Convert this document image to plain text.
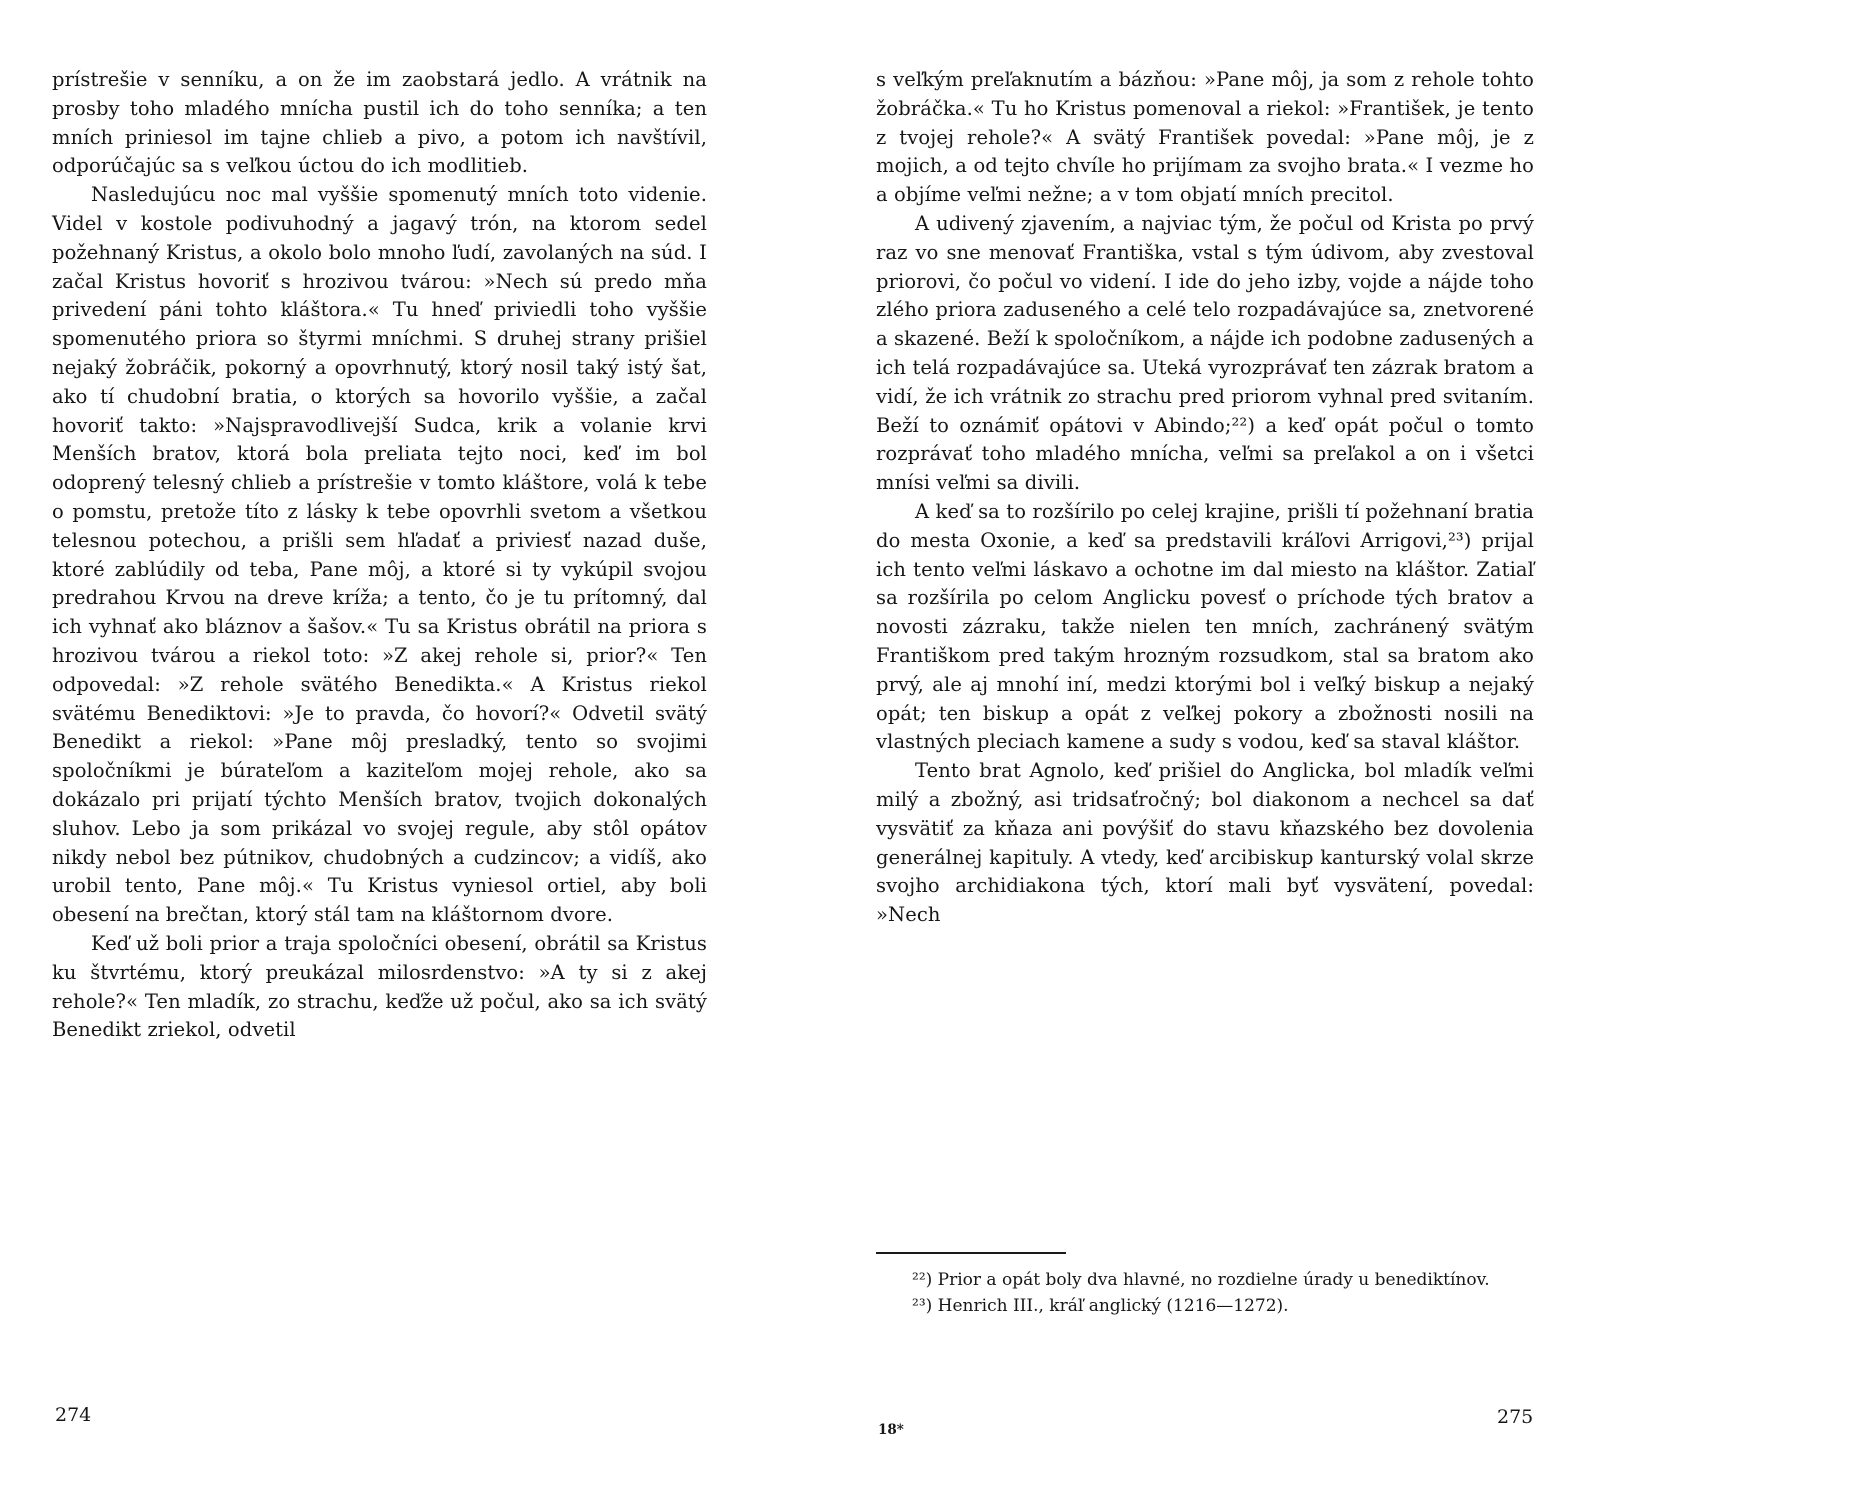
prístrešie v senníku, a on že im zaobstará jedlo. A vrátnik na prosby toho mladého mnícha pustil ich do toho senníka; a ten mních priniesol im tajne chlieb a pivo, a potom ich navštívil, odporúčajúc sa s veľkou úctou do ich modlitieb.

Nasledujúcu noc mal vyššie spomenutý mních toto videnie. Videl v kostole podivuhodný a jagavý trón, na ktorom sedel požehnaný Kristus, a okolo bolo mnoho ľudí, zavolaných na súd. I začal Kristus hovoriť s hrozivou tvárou: »Nech sú predo mňa privedení páni tohto kláštora.« Tu hneď priviedli toho vyššie spomenutého priora so štyrmi mníchmi. S druhej strany prišiel nejaký žobráčik, pokorný a opovrhnutý, ktorý nosil taký istý šat, ako tí chudobní bratia, o ktorých sa hovorilo vyššie, a začal hovoriť takto: »Najspravodlivejší Sudca, krik a volanie krvi Menších bratov, ktorá bola preliata tejto noci, keď im bol odoprený telesný chlieb a prístrešie v tomto kláštore, volá k tebe o pomstu, pretože títo z lásky k tebe opovrhli svetom a všetkou telesnou potechou, a prišli sem hľadať a priviesť nazad duše, ktoré zablúdily od teba, Pane môj, a ktoré si ty vykúpil svojou predrahou Krvou na dreve kríža; a tento, čo je tu prítomný, dal ich vyhnať ako bláznov a šašov.« Tu sa Kristus obrátil na priora s hrozivou tvárou a riekol toto: »Z akej rehole si, prior?« Ten odpovedal: »Z rehole svätého Benedikta.« A Kristus riekol svätému Benediktovi: »Je to pravda, čo hovorí?« Odvetil svätý Benedikt a riekol: »Pane môj presladký, tento so svojimi spoločníkmi je búrateľom a kaziteľom mojej rehole, ako sa dokázalo pri prijatí týchto Menších bratov, tvojich dokonalých sluhov. Lebo ja som prikázal vo svojej regule, aby stôl opátov nikdy nebol bez pútnikov, chudobných a cudzincov; a vidíš, ako urobil tento, Pane môj.« Tu Kristus vyniesol ortiel, aby boli obesení na brečtan, ktorý stál tam na kláštornom dvore.

Keď už boli prior a traja spoločníci obesení, obrátil sa Kristus ku štvrtému, ktorý preukázal milosrdenstvo: »A ty si z akej rehole?« Ten mladík, zo strachu, keďže už počul, ako sa ich svätý Benedikt zriekol, odvetil

s veľkým preľaknutím a bázňou: »Pane môj, ja som z rehole tohto žobráčka.« Tu ho Kristus pomenoval a riekol: »František, je tento z tvojej rehole?« A svätý František povedal: »Pane môj, je z mojich, a od tejto chvíle ho prijímam za svojho brata.« I vezme ho a objíme veľmi nežne; a v tom objatí mních precitol.

A udivený zjavením, a najviac tým, že počul od Krista po prvý raz vo sne menovať Františka, vstal s tým údivom, aby zvestoval priorovi, čo počul vo videní. I ide do jeho izby, vojde a nájde toho zlého priora zaduseného a celé telo rozpadávajúce sa, znetvorené a skazené. Beží k spoločníkom, a nájde ich podobne zadusených a ich telá rozpadávajúce sa. Uteká vyrozprávať ten zázrak bratom a vidí, že ich vrátnik zo strachu pred priorom vyhnal pred svitaním. Beží to oznámiť opátovi v Abindo;²²) a keď opát počul o tomto rozprávať toho mladého mnícha, veľmi sa preľakol a on i všetci mnísi veľmi sa divili.

A keď sa to rozšírilo po celej krajine, prišli tí požehnaní bratia do mesta Oxonie, a keď sa predstavili kráľovi Arrigovi,²³) prijal ich tento veľmi láskavo a ochotne im dal miesto na kláštor. Zatiaľ sa rozšírila po celom Anglicku povesť o príchode tých bratov a novosti zázraku, takže nielen ten mních, zachránený svätým Františkom pred takým hrozným rozsudkom, stal sa bratom ako prvý, ale aj mnohí iní, medzi ktorými bol i veľký biskup a nejaký opát; ten biskup a opát z veľkej pokory a zbožnosti nosili na vlastných pleciach kamene a sudy s vodou, keď sa staval kláštor.

Tento brat Agnolo, keď prišiel do Anglicka, bol mladík veľmi milý a zbožný, asi tridsaťročný; bol diakonom a nechcel sa dať vysvätiť za kňaza ani povýšiť do stavu kňazského bez dovolenia generálnej kapituly. A vtedy, keď arcibiskup kanturský volal skrze svojho archidiakona tých, ktorí mali byť vysvätení, povedal: »Nech

²²) Prior a opát boly dva hlavné, no rozdielne úrady u benediktínov.

²³) Henrich III., kráľ anglický (1216—1272).

274
18*
275
